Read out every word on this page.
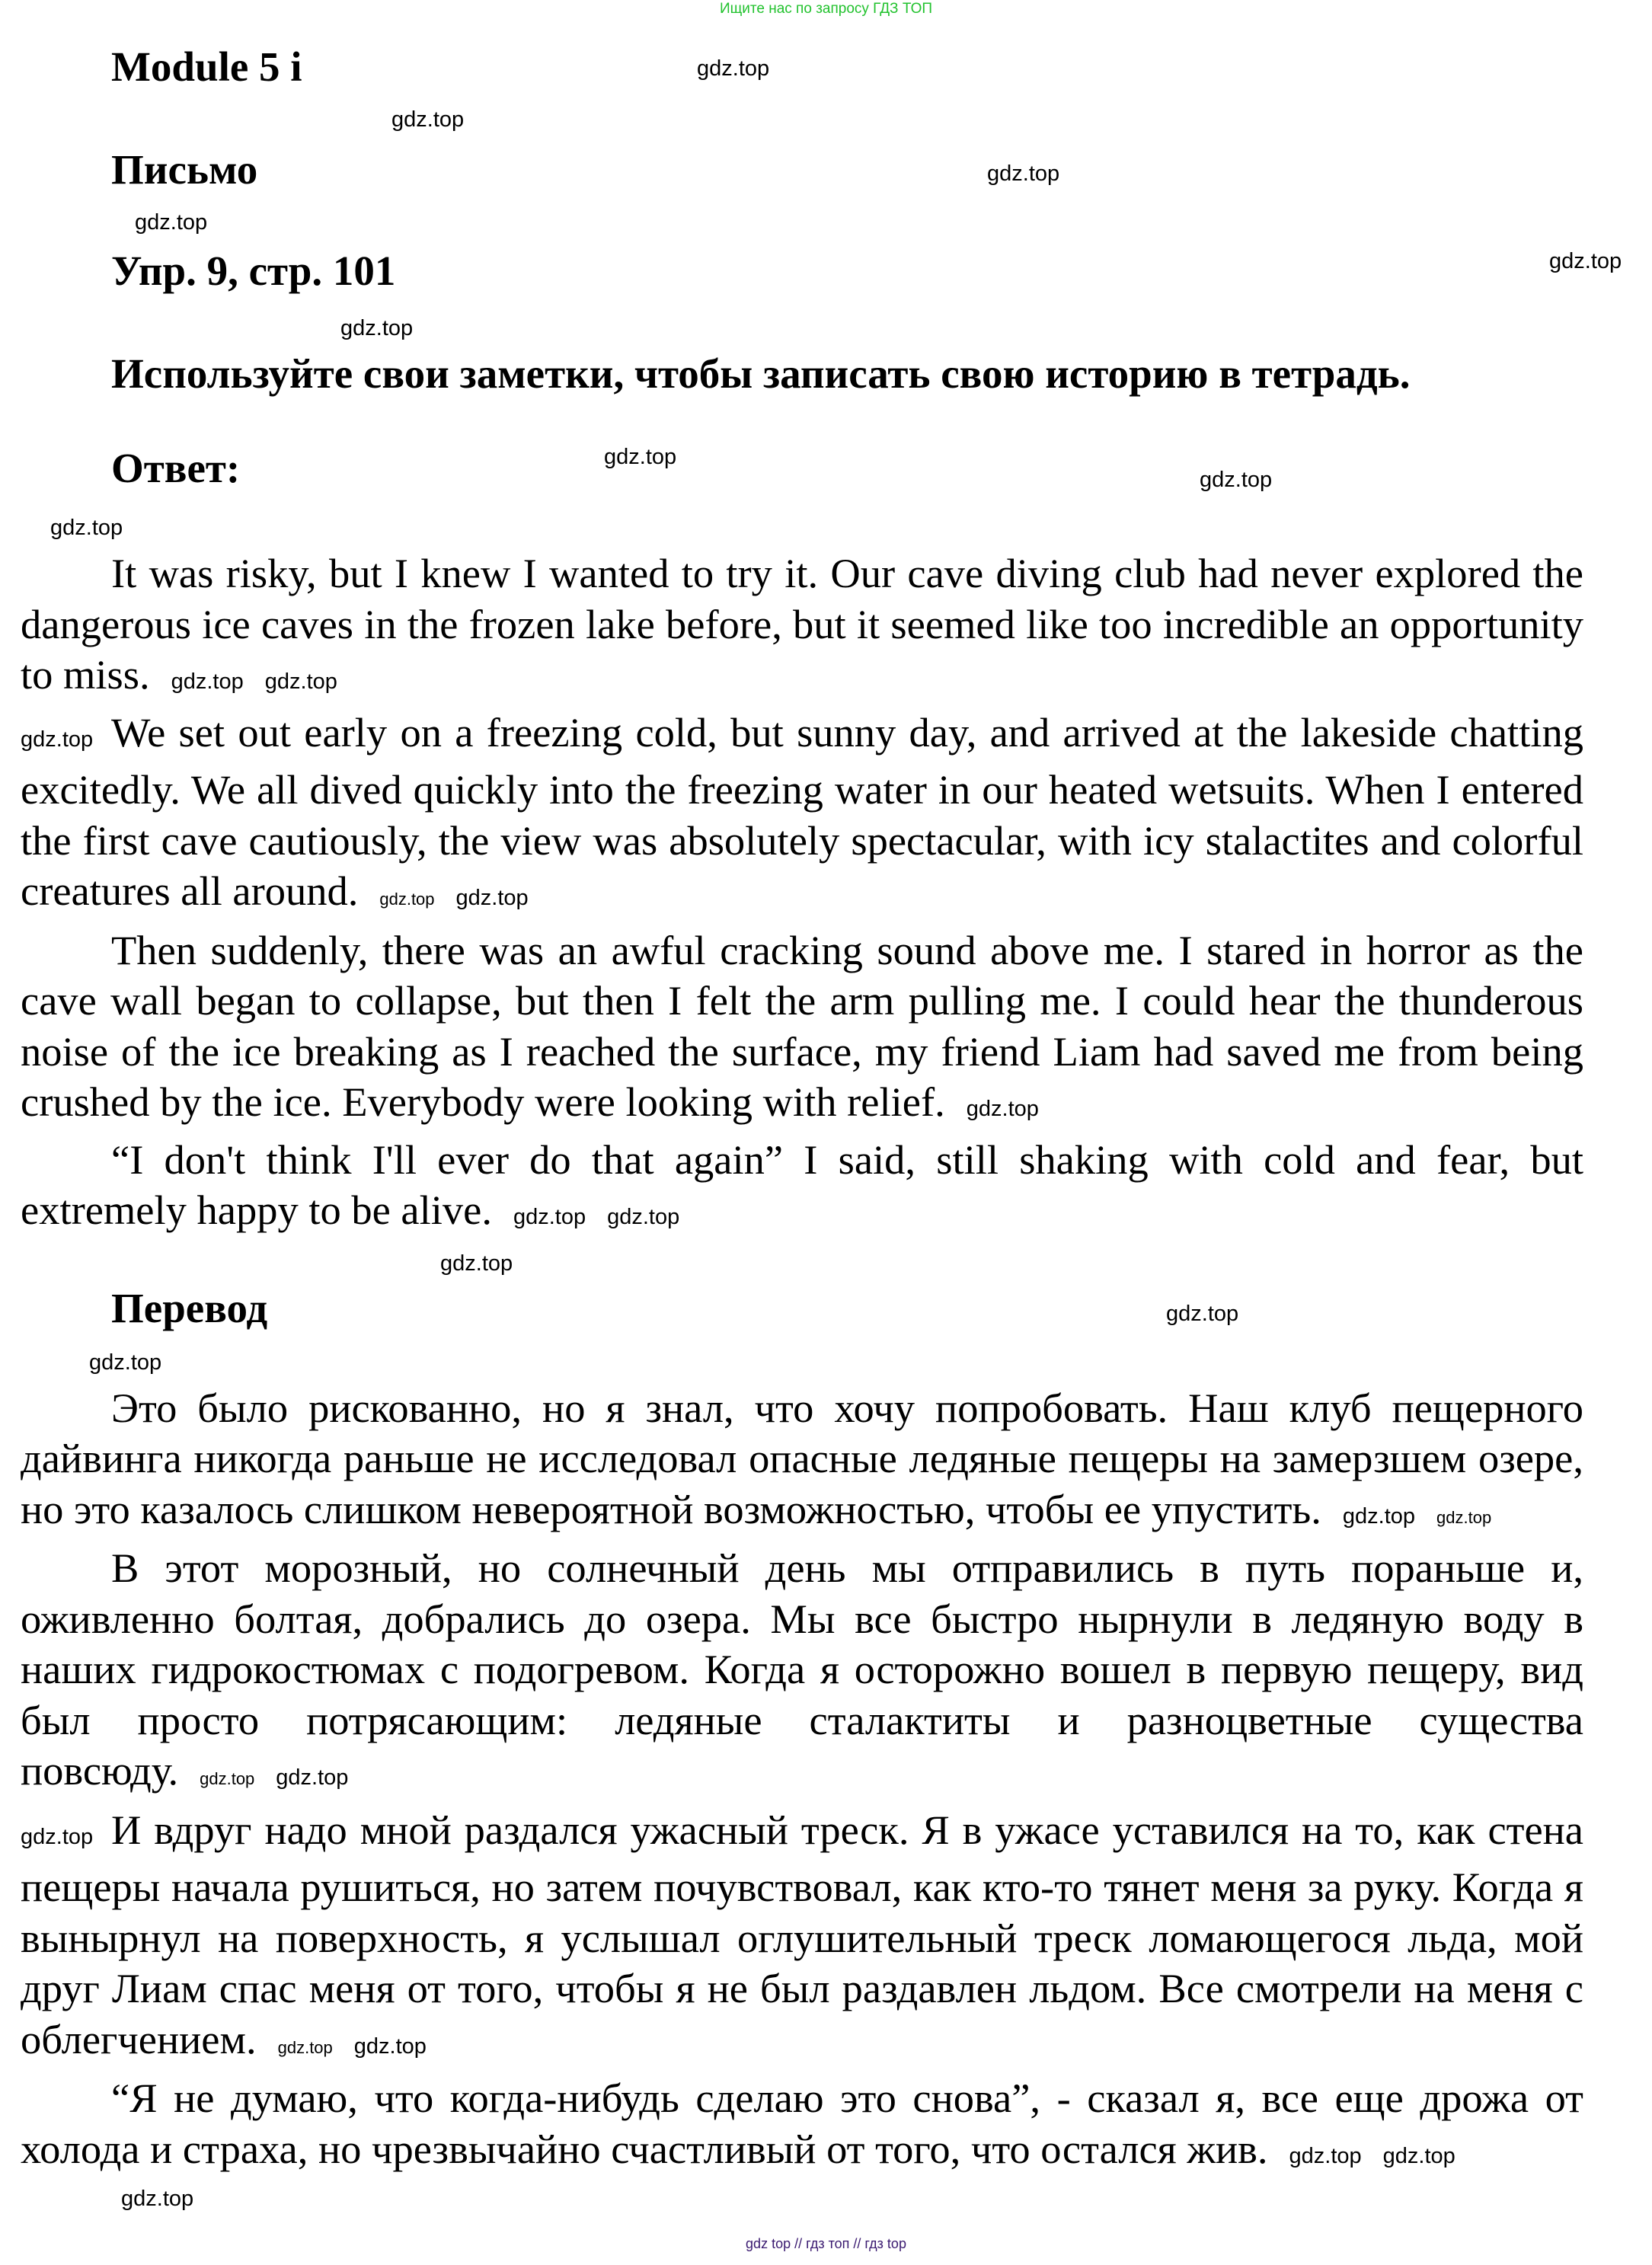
Ищите нас по запросу ГДЗ ТОП
Module 5 i	gdz.top
gdz.top
Письмо	gdz.top
gdz.top
Упр. 9, стр. 101	gdz.top
gdz.top
Используйте свои заметки, чтобы записать свою историю в тетрадь.
Ответ:	gdz.top
gdz.top
gdz.top
It was risky, but I knew I wanted to try it. Our cave diving club had never explored the dangerous ice caves in the frozen lake before, but it seemed like too incredible an opportunity to miss. gdz.top gdz.top
gdz.top We set out early on a freezing cold, but sunny day, and arrived at the lakeside chatting excitedly. We all dived quickly into the freezing water in our heated wetsuits. When I entered the first cave cautiously, the view was absolutely spectacular, with icy stalactites and colorful creatures all around. gdz.top gdz.top
Then suddenly, there was an awful cracking sound above me. I stared in horror as the cave wall began to collapse, but then I felt the arm pulling me. I could hear the thunderous noise of the ice breaking as I reached the surface, my friend Liam had saved me from being crushed by the ice. Everybody were looking with relief. gdz.top
“I don't think I'll ever do that again” I said, still shaking with cold and fear, but extremely happy to be alive. gdz.top gdz.top
gdz.top
Перевод	gdz.top
gdz.top
Это было рискованно, но я знал, что хочу попробовать. Наш клуб пещерного дайвинга никогда раньше не исследовал опасные ледяные пещеры на замерзшем озере, но это казалось слишком невероятной возможностью, чтобы ее упустить. gdz.top gdz.top
В этот морозный, но солнечный день мы отправились в путь пораньше и, оживленно болтая, добрались до озера. Мы все быстро нырнули в ледяную воду в наших гидрокостюмах с подогревом. Когда я осторожно вошел в первую пещеру, вид был просто потрясающим: ледяные сталактиты и разноцветные существа повсюду. gdz.top gdz.top
gdz.top И вдруг надо мной раздался ужасный треск. Я в ужасе уставился на то, как стена пещеры начала рушиться, но затем почувствовал, как кто-то тянет меня за руку. Когда я вынырнул на поверхность, я услышал оглушительный треск ломающегося льда, мой друг Лиам спас меня от того, чтобы я не был раздавлен льдом. Все смотрели на меня с облегчением. gdz.top gdz.top
“Я не думаю, что когда-нибудь сделаю это снова”, - сказал я, все еще дрожа от холода и страха, но чрезвычайно счастливый от того, что остался жив. gdz.top gdz.top
gdz.top
gdz top // гдз топ // гдз top
